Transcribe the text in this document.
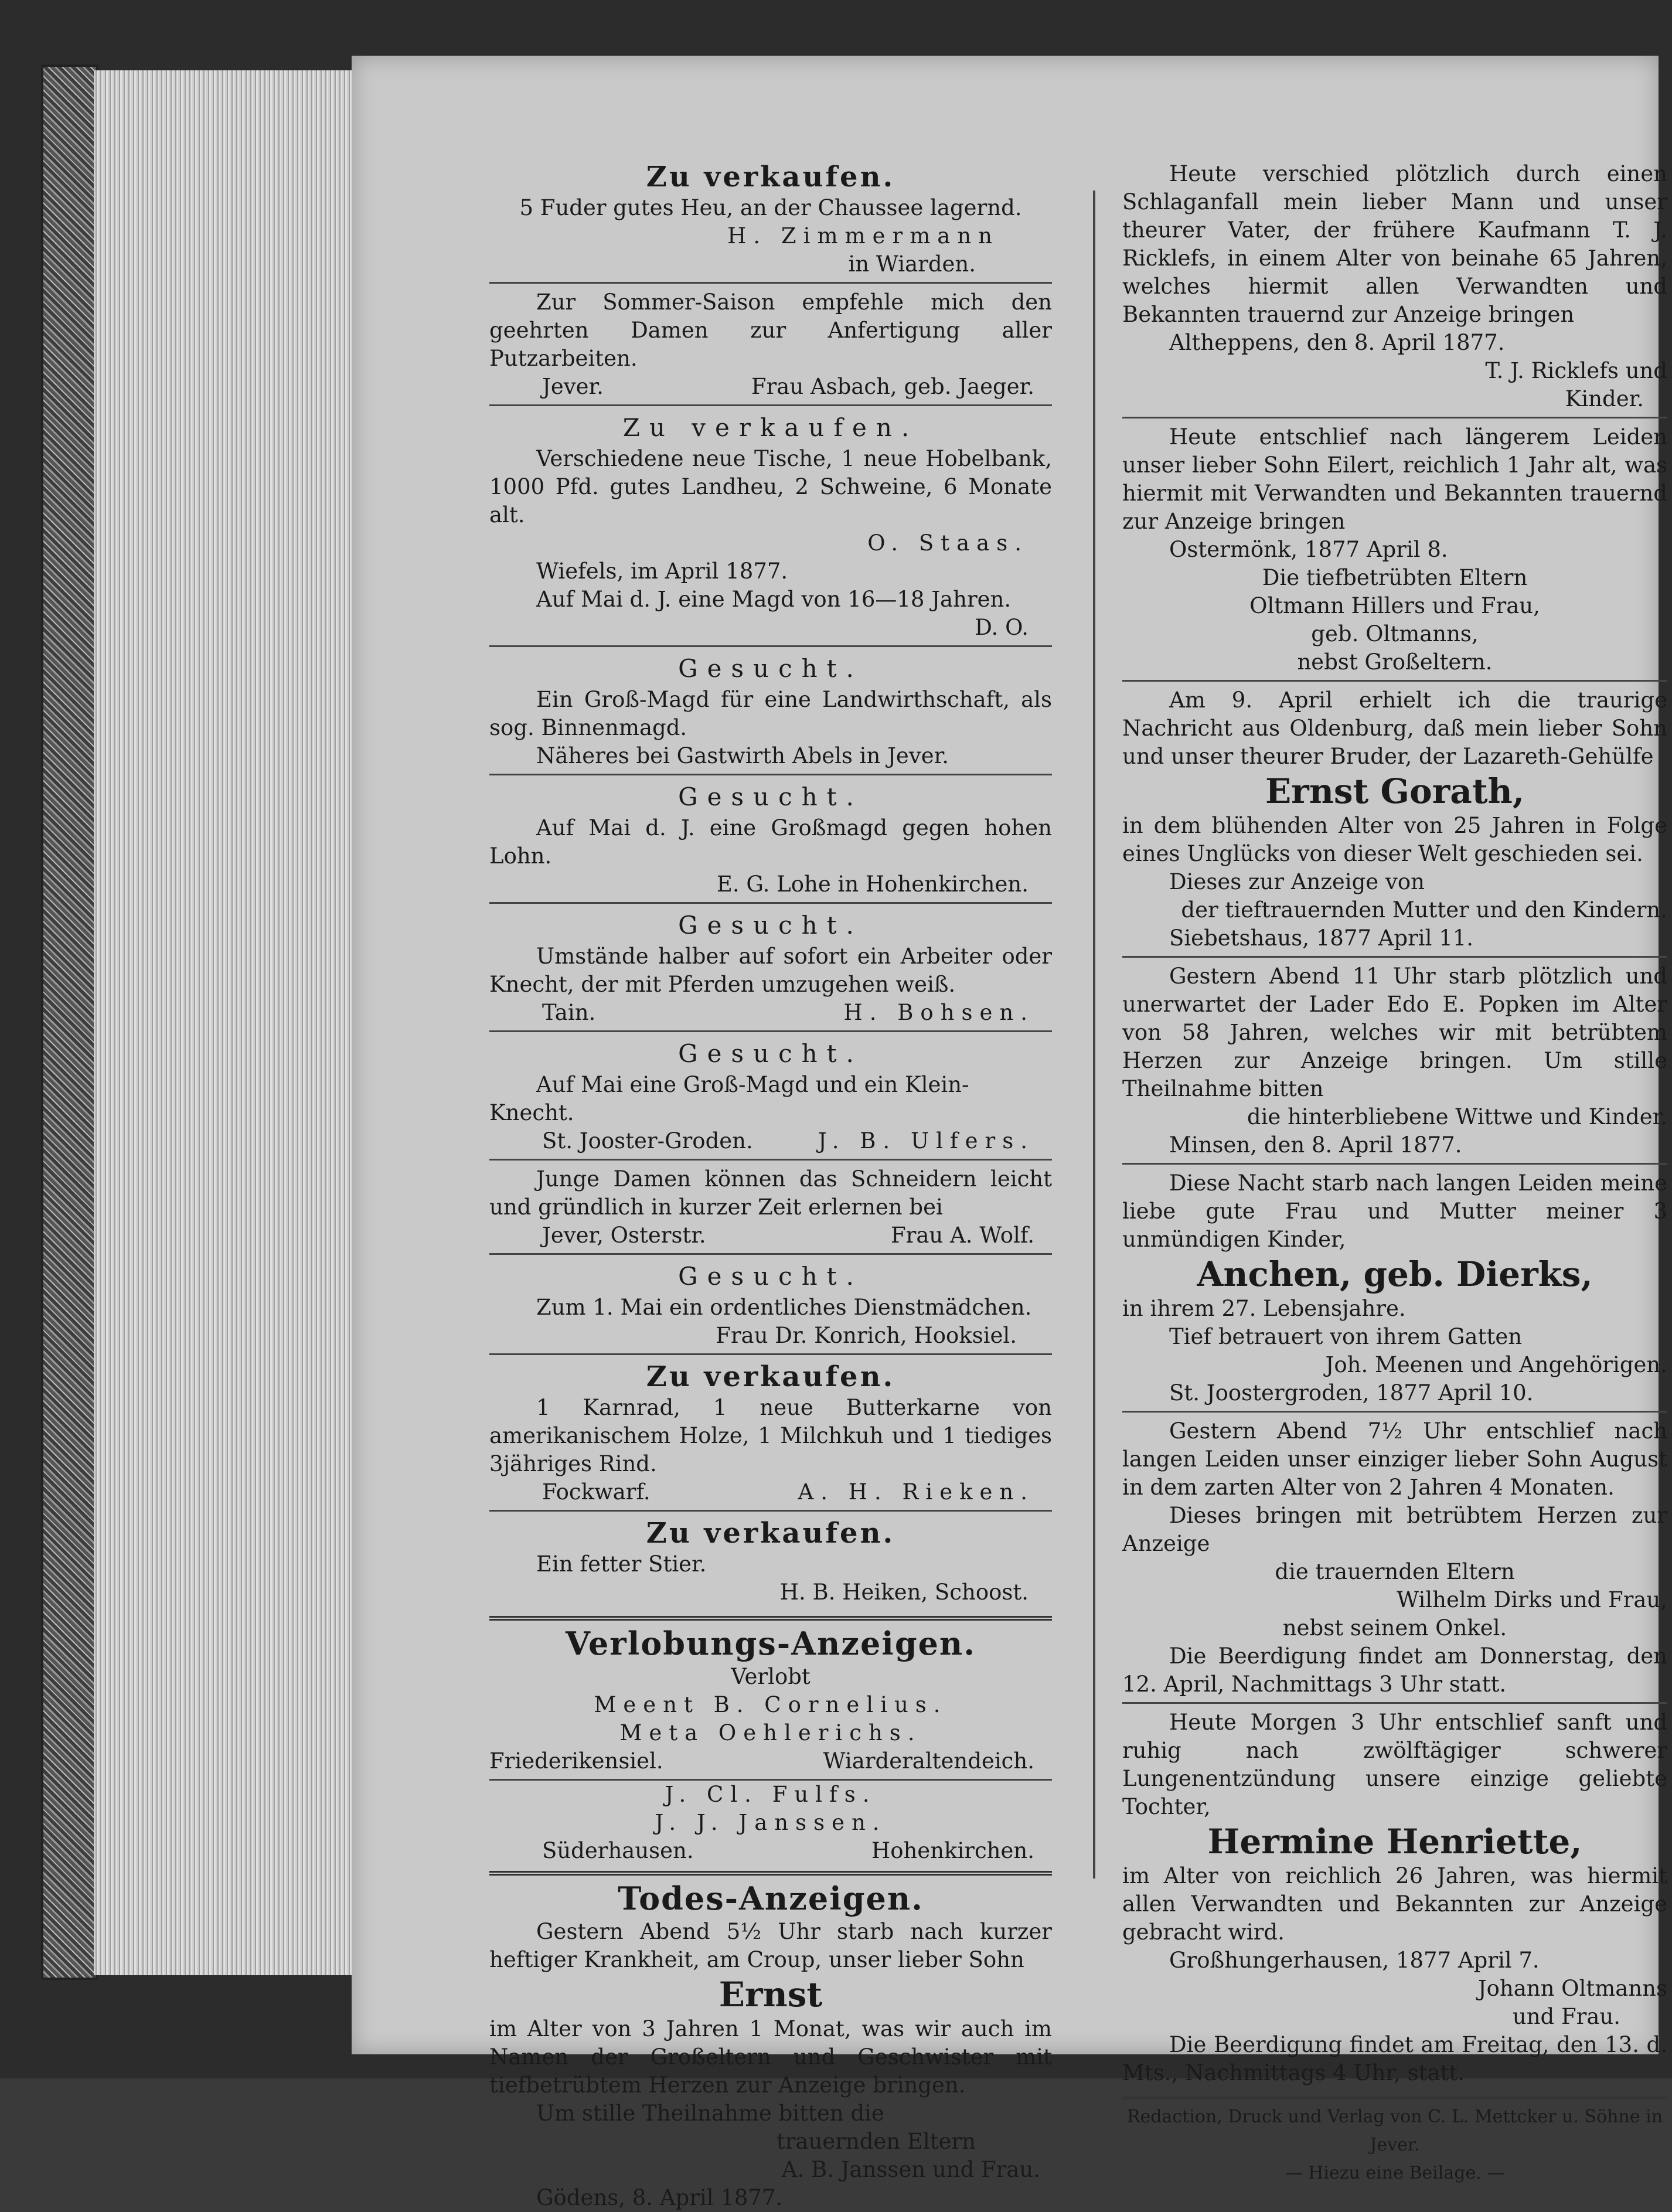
Zu verkaufen.
5 Fuder gutes Heu, an der Chaussee lagernd.
H. Zimmermann
in Wiarden.
Zur Sommer-Saison empfehle mich den geehrten Damen zur Anfertigung aller Putzarbeiten.
Jever.	Frau Asbach, geb. Jaeger.
Zu verkaufen.
Verschiedene neue Tische, 1 neue Hobelbank, 1000 Pfd. gutes Landheu, 2 Schweine, 6 Monate alt.
O. Staas.
Wiefels, im April 1877.
Auf Mai d. J. eine Magd von 16—18 Jahren.
D. O.
Gesucht.
Ein Groß-Magd für eine Landwirthschaft, als sog. Binnenmagd.
Näheres bei Gastwirth Abels in Jever.
Gesucht.
Auf Mai d. J. eine Großmagd gegen hohen Lohn.
E. G. Lohe in Hohenkirchen.
Gesucht.
Umstände halber auf sofort ein Arbeiter oder Knecht, der mit Pferden umzugehen weiß.
Tain.	H. Bohsen.
Gesucht.
Auf Mai eine Groß-Magd und ein Klein-Knecht.
St. Jooster-Groden.	J. B. Ulfers.
Junge Damen können das Schneidern leicht und gründlich in kurzer Zeit erlernen bei
Jever, Osterstr.	Frau A. Wolf.
Gesucht.
Zum 1. Mai ein ordentliches Dienstmädchen.
Frau Dr. Konrich, Hooksiel.
Zu verkaufen.
1 Karnrad, 1 neue Butterkarne von amerikanischem Holze, 1 Milchkuh und 1 tiediges 3jähriges Rind.
Fockwarf.	A. H. Rieken.
Zu verkaufen.
Ein fetter Stier.
H. B. Heiken, Schoost.
Verlobungs-Anzeigen.
Verlobt
Meent B. Cornelius.
Meta Oehlerichs.
Friederikensiel.	Wiarderaltendeich.
J. Cl. Fulfs.
J. J. Janssen.
Süderhausen.	Hohenkirchen.
Todes-Anzeigen.
Gestern Abend 5½ Uhr starb nach kurzer heftiger Krankheit, am Croup, unser lieber Sohn
Ernst
im Alter von 3 Jahren 1 Monat, was wir auch im Namen der Großeltern und Geschwister mit tiefbetrübtem Herzen zur Anzeige bringen.
Um stille Theilnahme bitten die
trauernden Eltern
A. B. Janssen und Frau.
Gödens, 8. April 1877.
Heute verschied plötzlich durch einen Schlaganfall mein lieber Mann und unser theurer Vater, der frühere Kaufmann T. J. Ricklefs, in einem Alter von beinahe 65 Jahren, welches hiermit allen Verwandten und Bekannten trauernd zur Anzeige bringen
Altheppens, den 8. April 1877.
T. J. Ricklefs und
Kinder.
Heute entschlief nach längerem Leiden unser lieber Sohn Eilert, reichlich 1 Jahr alt, was hiermit mit Verwandten und Bekannten trauernd zur Anzeige bringen
Ostermönk, 1877 April 8.
Die tiefbetrübten Eltern
Oltmann Hillers und Frau,
geb. Oltmanns,
nebst Großeltern.
Am 9. April erhielt ich die traurige Nachricht aus Oldenburg, daß mein lieber Sohn und unser theurer Bruder, der Lazareth-Gehülfe
Ernst Gorath,
in dem blühenden Alter von 25 Jahren in Folge eines Unglücks von dieser Welt geschieden sei.
Dieses zur Anzeige von
der tieftrauernden Mutter und den Kindern.
Siebetshaus, 1877 April 11.
Gestern Abend 11 Uhr starb plötzlich und unerwartet der Lader Edo E. Popken im Alter von 58 Jahren, welches wir mit betrübtem Herzen zur Anzeige bringen. Um stille Theilnahme bitten
die hinterbliebene Wittwe und Kinder.
Minsen, den 8. April 1877.
Diese Nacht starb nach langen Leiden meine liebe gute Frau und Mutter meiner 3 unmündigen Kinder,
Anchen, geb. Dierks,
in ihrem 27. Lebensjahre.
Tief betrauert von ihrem Gatten
Joh. Meenen und Angehörigen.
St. Joostergroden, 1877 April 10.
Gestern Abend 7½ Uhr entschlief nach langen Leiden unser einziger lieber Sohn August in dem zarten Alter von 2 Jahren 4 Monaten.
Dieses bringen mit betrübtem Herzen zur Anzeige
die trauernden Eltern
Wilhelm Dirks und Frau,
nebst seinem Onkel.
Die Beerdigung findet am Donnerstag, den 12. April, Nachmittags 3 Uhr statt.
Heute Morgen 3 Uhr entschlief sanft und ruhig nach zwölftägiger schwerer Lungenentzündung unsere einzige geliebte Tochter,
Hermine Henriette,
im Alter von reichlich 26 Jahren, was hiermit allen Verwandten und Bekannten zur Anzeige gebracht wird.
Großhungerhausen, 1877 April 7.
Johann Oltmanns
und Frau.
Die Beerdigung findet am Freitag, den 13. d. Mts., Nachmittags 4 Uhr, statt.
Redaction, Druck und Verlag von C. L. Mettcker u. Söhne in Jever.
— Hiezu eine Beilage. —
